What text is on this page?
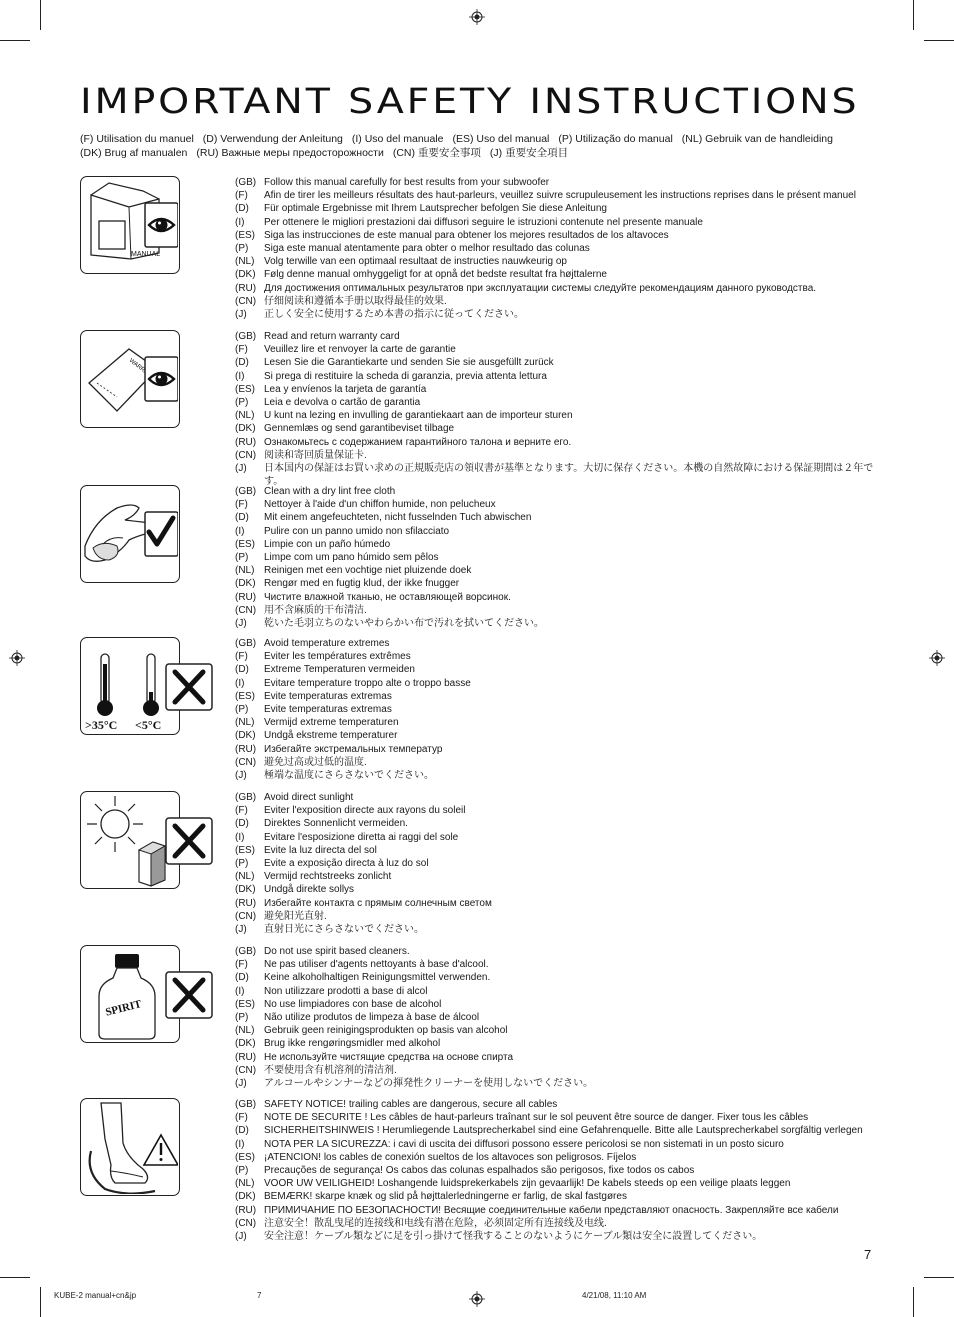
IMPORTANT SAFETY INSTRUCTIONS
(F) Utilisation du manuel (D) Verwendung der Anleitung (I) Uso del manuale (ES) Uso del manual (P) Utilização do manual (NL) Gebruik van de handleiding
(DK) Brug af manualen (RU) Важные меры предосторожности (CN) 重要安全事项 (J) 重要安全項目
MANUAL
(GB) Follow this manual carefully for best results from your subwoofer
(F)	Afin de tirer les meilleurs résultats des haut-parleurs, veuillez suivre scrupuleusement les instructions reprises dans le présent manuel
(D)	Für optimale Ergebnisse mit Ihrem Lautsprecher befolgen Sie diese Anleitung
(I)	Per ottenere le migliori prestazioni dai diffusori seguire le istruzioni contenute nel presente manuale
(ES) Siga las instrucciones de este manual para obtener los mejores resultados de los altavoces
(P)	Siga este manual atentamente para obter o melhor resultado das colunas
(NL) Volg terwille van een optimaal resultaat de instructies nauwkeurig op
(DK) Følg denne manual omhyggeligt for at opnå det bedste resultat fra højttalerne
(RU) Для достижения оптимальных результатов при эксплуатации системы следуйте рекомендациям данного руководства.
(CN) 仔细阅读和遵循本手册以取得最佳的效果.
(J)	正しく安全に使用するため本書の指示に従ってください。
WARRANTY
(GB) Read and return warranty card
(F)	Veuillez lire et renvoyer la carte de garantie
(D)	Lesen Sie die Garantiekarte und senden Sie sie ausgefüllt zurück
(I)	Si prega di restituire la scheda di garanzia, previa attenta lettura
(ES) Lea y envíenos la tarjeta de garantía
(P)	Leia e devolva o cartão de garantia
(NL) U kunt na lezing en invulling de garantiekaart aan de importeur sturen
(DK) Gennemlæs og send garantibeviset tilbage
(RU) Ознакомьтесь с содержанием гарантийного талона и верните его.
(CN) 阅读和寄回质量保证卡.
(J)	日本国内の保証はお買い求めの正規販売店の領収書が基準となります。大切に保存ください。本機の自然故障における保証期間は２年です。
(GB) Clean with a dry lint free cloth
(F)	Nettoyer à l'aide d'un chiffon humide, non pelucheux
(D)	Mit einem angefeuchteten, nicht fusselnden Tuch abwischen
(I)	Pulire con un panno umido non sfilacciato
(ES) Limpie con un paño húmedo
(P)	Limpe com um pano húmido sem pêlos
(NL) Reinigen met een vochtige niet pluizende doek
(DK) Rengør med en fugtig klud, der ikke fnugger
(RU) Чистите влажной тканью, не оставляющей ворсинок.
(CN) 用不含麻质的干布清洁.
(J)	乾いた毛羽立ちのないやわらかい布で汚れを拭いてください。
>35°C <5°C
(GB) Avoid temperature extremes
(F)	Eviter les températures extrêmes
(D)	Extreme Temperaturen vermeiden
(I)	Evitare temperature troppo alte o troppo basse
(ES) Evite temperaturas extremas
(P)	Evite temperaturas extremas
(NL) Vermijd extreme temperaturen
(DK) Undgå ekstreme temperaturer
(RU) Избегайте экстремальных температур
(CN) 避免过高或过低的温度.
(J)	極端な温度にさらさないでください。
(GB) Avoid direct sunlight
(F)	Eviter l'exposition directe aux rayons du soleil
(D)	Direktes Sonnenlicht vermeiden.
(I)	Evitare l'esposizione diretta ai raggi del sole
(ES) Evite la luz directa del sol
(P)	Evite a exposição directa à luz do sol
(NL) Vermijd rechtstreeks zonlicht
(DK) Undgå direkte sollys
(RU) Избегайте контакта с прямым солнечным светом
(CN) 避免阳光直射.
(J)	直射日光にさらさないでください。
SPIRIT
(GB) Do not use spirit based cleaners.
(F)	Ne pas utiliser d'agents nettoyants à base d'alcool.
(D)	Keine alkoholhaltigen Reinigungsmittel verwenden.
(I)	Non utilizzare prodotti a base di alcol
(ES) No use limpiadores con base de alcohol
(P)	Não utilize produtos de limpeza à base de álcool
(NL) Gebruik geen reinigingsprodukten op basis van alcohol
(DK) Brug ikke rengøringsmidler med alkohol
(RU) Не используйте чистящие средства на основе спирта
(CN) 不要使用含有机溶剂的清洁剂.
(J)	アルコールやシンナーなどの揮発性クリーナーを使用しないでください。
(GB) SAFETY NOTICE! trailing cables are dangerous, secure all cables
(F)	NOTE DE SECURITE ! Les câbles de haut-parleurs traînant sur le sol peuvent être source de danger. Fixer tous les câbles
(D)	SICHERHEITSHINWEIS ! Herumliegende Lautsprecherkabel sind eine Gefahrenquelle. Bitte alle Lautsprecherkabel sorgfältig verlegen
(I)	NOTA PER LA SICUREZZA: i cavi di uscita dei diffusori possono essere pericolosi se non sistemati in un posto sicuro
(ES) ¡ATENCION! los cables de conexión sueltos de los altavoces son peligrosos. Fíjelos
(P)	Precauções de segurança! Os cabos das colunas espalhados são perigosos, fixe todos os cabos
(NL) VOOR UW VEILIGHEID! Loshangende luidsprekerkabels zijn gevaarlijk! De kabels steeds op een veilige plaats leggen
(DK) BEMÆRK! skarpe knæk og slid på højttalerledningerne er farlig, de skal fastgøres
(RU) ПРИМИЧАНИЕ ПО БЕЗОПАСНОСТИ! Весящие соединительные кабели представляют опасность. Закрепляйте все кабели
(CN) 注意安全！散乱曳尾的连接线和电线有潜在危险，必须固定所有连接线及电线.
(J)	安全注意！ケーブル類などに足を引っ掛けて怪我することのないようにケーブル類は安全に設置してください。
7
KUBE-2 manual+cn&jp	7	4/21/08, 11:10 AM
